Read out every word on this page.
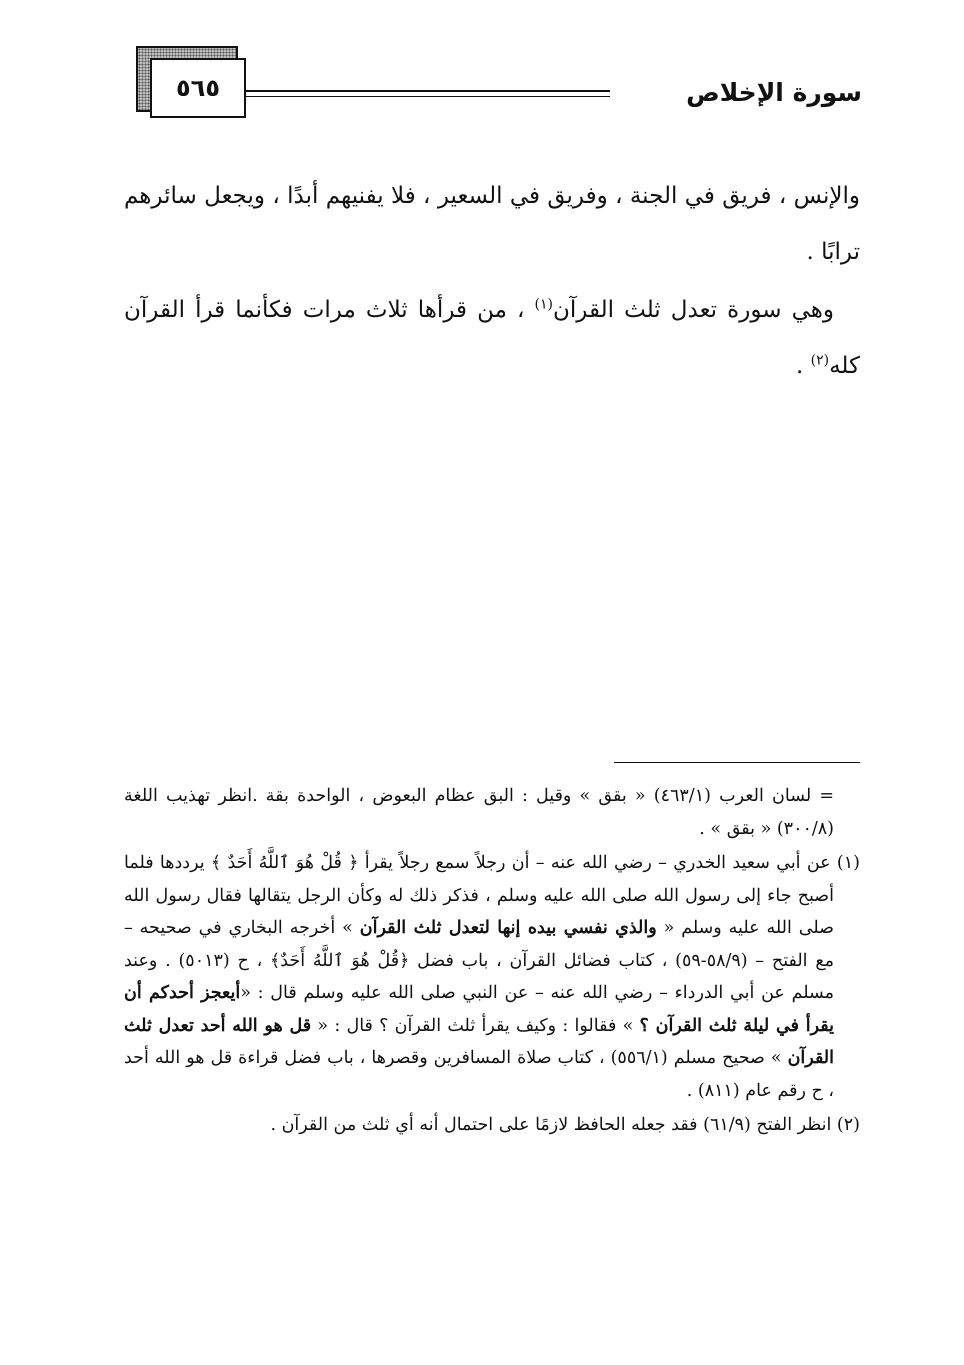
سورة الإخلاص
٥٦٥

والإنس ، فريق في الجنة ، وفريق في السعير ، فلا يفنيهم أبدًا ، ويجعل سائرهم ترابًا .

وهي سورة تعدل ثلث القرآن$^{(١)}$ ، من قرأها ثلاث مرات فكأنما قرأ القرآن كله$^{(٢)}$ .

= لسان العرب (٤٦٣/١) « بقق » وقيل : البق عظام البعوض ، الواحدة بقة .انظر تهذيب اللغة (٣٠٠/٨) « بقق » .

(١) عن أبي سعيد الخدري – رضي الله عنه – أن رجلاً سمع رجلاً يقرأ ﴿ قُلْ هُوَ ٱللَّهُ أَحَدٌ ﴾ يرددها فلما أصبح جاء إلى رسول الله صلى الله عليه وسلم ، فذكر ذلك له وكأن الرجل يتقالها فقال رسول الله صلى الله عليه وسلم « والذي نفسي بيده إنها لتعدل ثلث القرآن » أخرجه البخاري في صحيحه – مع الفتح – (٥٨/٩-٥٩) ، كتاب فضائل القرآن ، باب فضل ﴿قُلْ هُوَ ٱللَّهُ أَحَدٌ﴾ ، ح (٥٠١٣) . وعند مسلم عن أبي الدرداء – رضي الله عنه – عن النبي صلى الله عليه وسلم قال : «أيعجز أحدكم أن يقرأ في ليلة ثلث القرآن ؟ » فقالوا : وكيف يقرأ ثلث القرآن ؟ قال : « قل هو الله أحد تعدل ثلث القرآن » صحيح مسلم (٥٥٦/١) ، كتاب صلاة المسافرين وقصرها ، باب فضل قراءة قل هو الله أحد ، ح رقم عام (٨١١) .

(٢) انظر الفتح (٦١/٩) فقد جعله الحافظ لازمًا على احتمال أنه أي ثلث من القرآن .
